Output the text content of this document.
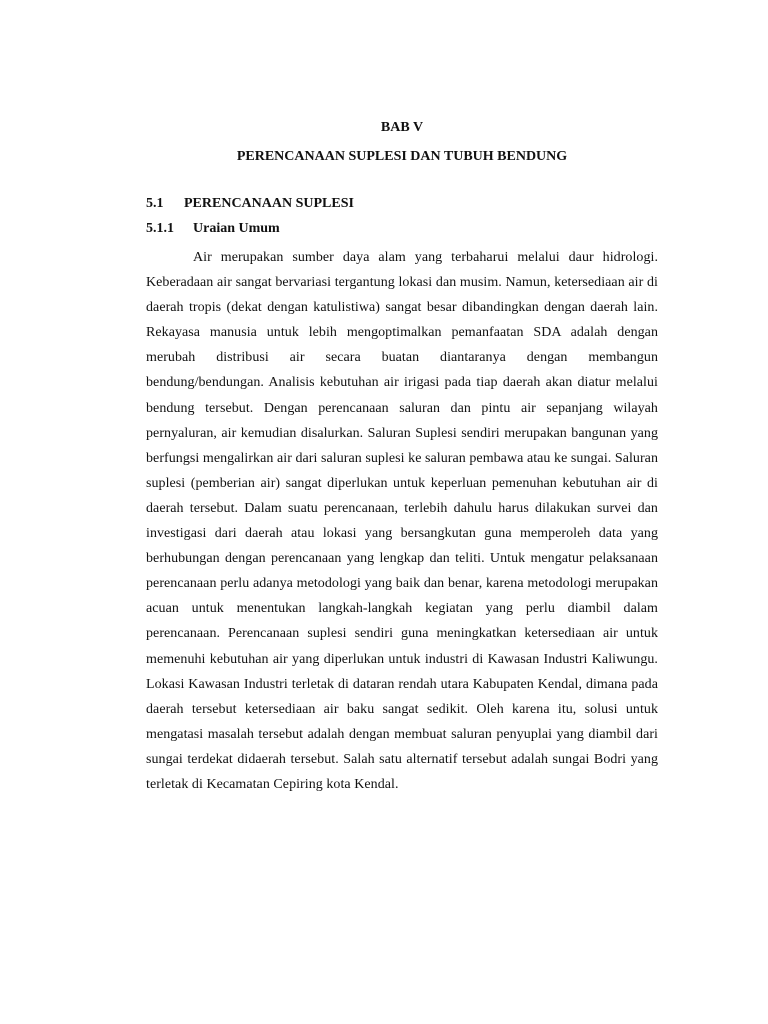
BAB V
PERENCANAAN SUPLESI DAN TUBUH BENDUNG
5.1 PERENCANAAN SUPLESI
5.1.1 Uraian Umum

Air merupakan sumber daya alam yang terbaharui melalui daur hidrologi. Keberadaan air sangat bervariasi tergantung lokasi dan musim. Namun, ketersediaan air di daerah tropis (dekat dengan katulistiwa) sangat besar dibandingkan dengan daerah lain. Rekayasa manusia untuk lebih mengoptimalkan pemanfaatan SDA adalah dengan merubah distribusi air secara buatan diantaranya dengan membangun bendung/bendungan. Analisis kebutuhan air irigasi pada tiap daerah akan diatur melalui bendung tersebut. Dengan perencanaan saluran dan pintu air sepanjang wilayah pernyaluran, air kemudian disalurkan. Saluran Suplesi sendiri merupakan bangunan yang berfungsi mengalirkan air dari saluran suplesi ke saluran pembawa atau ke sungai. Saluran suplesi (pemberian air) sangat diperlukan untuk keperluan pemenuhan kebutuhan air di daerah tersebut. Dalam suatu perencanaan, terlebih dahulu harus dilakukan survei dan investigasi dari daerah atau lokasi yang bersangkutan guna memperoleh data yang berhubungan dengan perencanaan yang lengkap dan teliti. Untuk mengatur pelaksanaan perencanaan perlu adanya metodologi yang baik dan benar, karena metodologi merupakan acuan untuk menentukan langkah-langkah kegiatan yang perlu diambil dalam perencanaan. Perencanaan suplesi sendiri guna meningkatkan ketersediaan air untuk memenuhi kebutuhan air yang diperlukan untuk industri di Kawasan Industri Kaliwungu. Lokasi Kawasan Industri terletak di dataran rendah utara Kabupaten Kendal, dimana pada daerah tersebut ketersediaan air baku sangat sedikit. Oleh karena itu, solusi untuk mengatasi masalah tersebut adalah dengan membuat saluran penyuplai yang diambil dari sungai terdekat didaerah tersebut. Salah satu alternatif tersebut adalah sungai Bodri yang terletak di Kecamatan Cepiring kota Kendal.
